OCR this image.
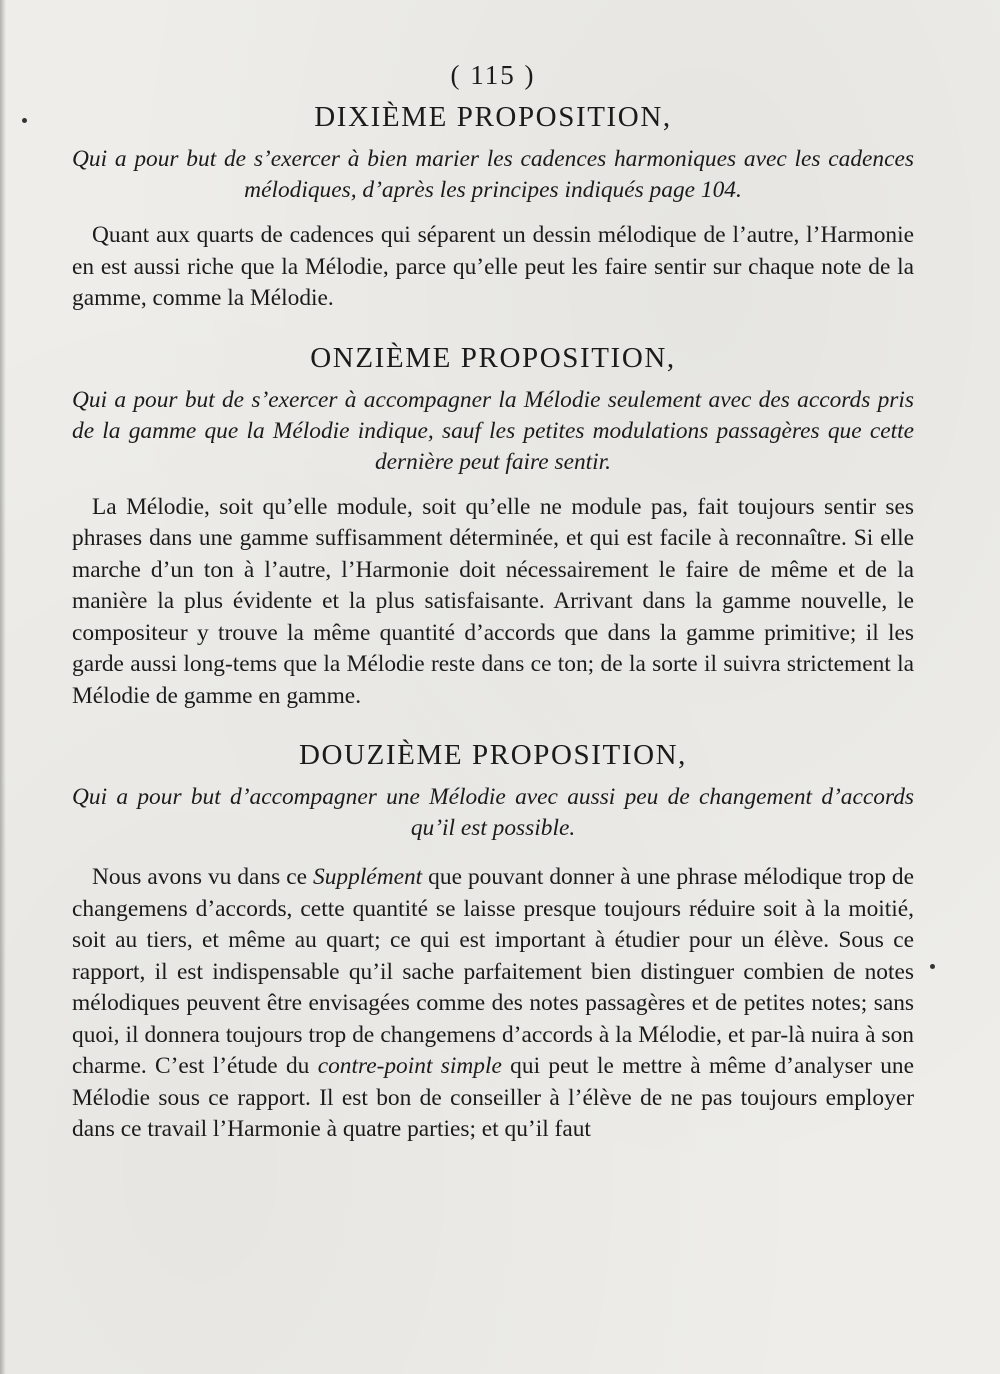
( 115 )
DIXIÈME PROPOSITION,

Qui a pour but de s’exercer à bien marier les cadences harmoniques avec les cadences mélodiques, d’après les principes indiqués page 104.

Quant aux quarts de cadences qui séparent un dessin mélodique de l’autre, l’Harmonie en est aussi riche que la Mélodie, parce qu’elle peut les faire sentir sur chaque note de la gamme, comme la Mélodie.

ONZIÈME PROPOSITION,

Qui a pour but de s’exercer à accompagner la Mélodie seulement avec des accords pris de la gamme que la Mélodie indique, sauf les petites modulations passagères que cette dernière peut faire sentir.

La Mélodie, soit qu’elle module, soit qu’elle ne module pas, fait toujours sentir ses phrases dans une gamme suffisamment déterminée, et qui est facile à reconnaître. Si elle marche d’un ton à l’autre, l’Harmonie doit nécessairement le faire de même et de la manière la plus évidente et la plus satisfaisante. Arrivant dans la gamme nouvelle, le compositeur y trouve la même quantité d’accords que dans la gamme primitive; il les garde aussi long-tems que la Mélodie reste dans ce ton; de la sorte il suivra strictement la Mélodie de gamme en gamme.

DOUZIÈME PROPOSITION,

Qui a pour but d’accompagner une Mélodie avec aussi peu de changement d’accords qu’il est possible.

Nous avons vu dans ce Supplément que pouvant donner à une phrase mélodique trop de changemens d’accords, cette quantité se laisse presque toujours réduire soit à la moitié, soit au tiers, et même au quart; ce qui est important à étudier pour un élève. Sous ce rapport, il est indispensable qu’il sache parfaitement bien distinguer combien de notes mélodiques peuvent être envisagées comme des notes passagères et de petites notes; sans quoi, il donnera toujours trop de changemens d’accords à la Mélodie, et par-là nuira à son charme. C’est l’étude du contre-point simple qui peut le mettre à même d’analyser une Mélodie sous ce rapport. Il est bon de conseiller à l’élève de ne pas toujours employer dans ce travail l’Harmonie à quatre parties; et qu’il faut
